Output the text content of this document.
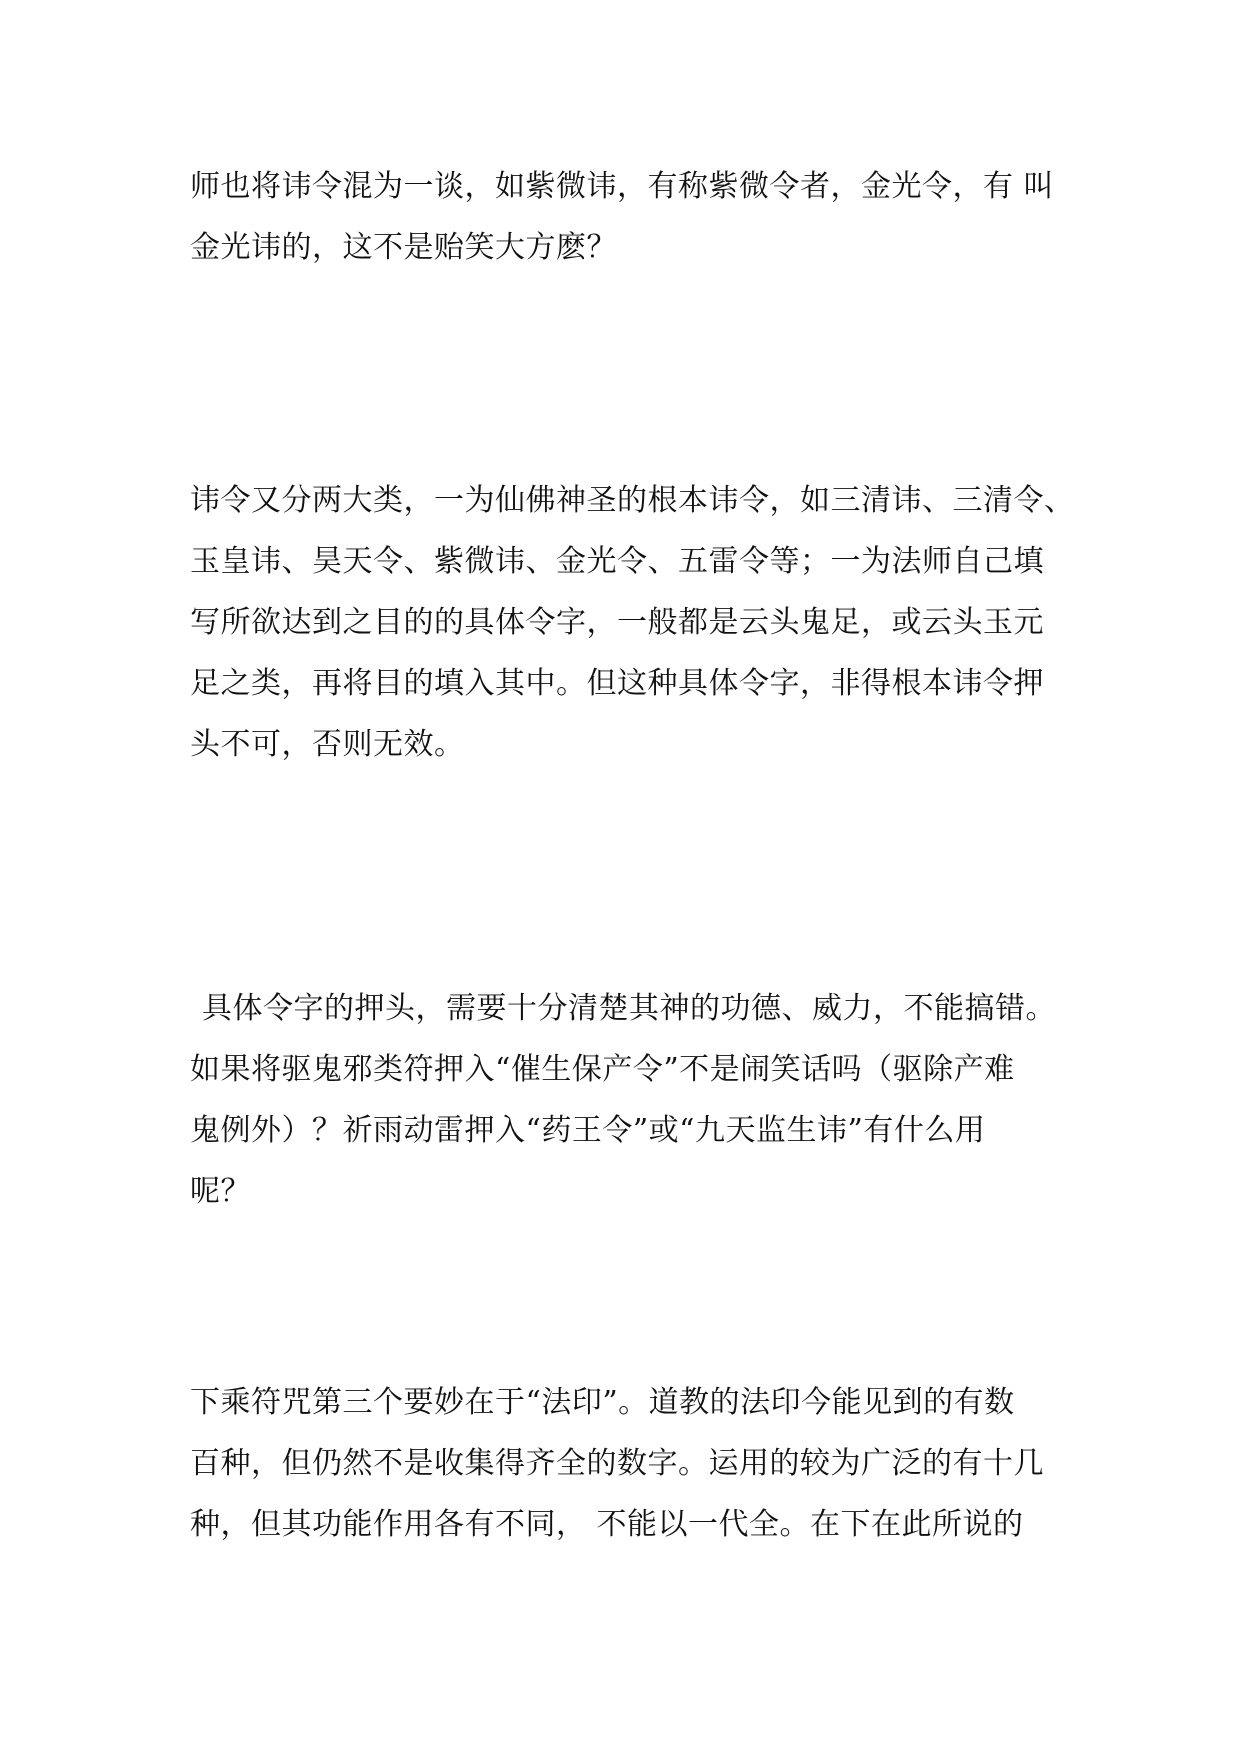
师也将讳令混为一谈，如紫微讳，有称紫微令者，金光令，有 叫
金光讳的，这不是贻笑大方麽？
讳令又分两大类，一为仙佛神圣的根本讳令，如三清讳、三清令、
玉皇讳、昊天令、紫微讳、金光令、五雷令等；一为法师自己填
写所欲达到之目的的具体令字，一般都是云头鬼足，或云头玉元
足之类，再将目的填入其中。但这种具体令字，非得根本讳令押
头不可，否则无效。
具体令字的押头，需要十分清楚其神的功德、威力，不能搞错。
如果将驱鬼邪类符押入“催生保产令”不是闹笑话吗（驱除产难
鬼例外）？祈雨动雷押入“药王令”或“九天监生讳”有什么用
呢？
下乘符咒第三个要妙在于“法印”。道教的法印今能见到的有数
百种，但仍然不是收集得齐全的数字。运用的较为广泛的有十几
种，但其功能作用各有不同， 不能以一代全。在下在此所说的
